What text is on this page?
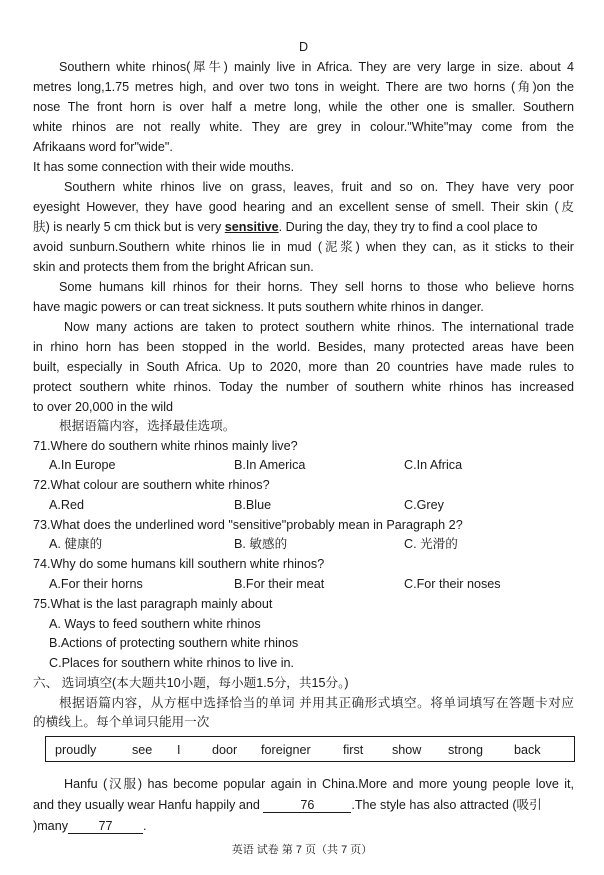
D
Southern white rhinos(犀牛) mainly live in Africa. They are very large in size. about 4
metres long,1.75 metres high, and over two tons in weight. There are two horns (角)on the
nose The front horn is over half a metre long, while the other one is smaller. Southern
white rhinos are not really white. They are grey in colour."White"may come from the
Afrikaans word for"wide".
It has some connection with their wide mouths.
Southern white rhinos live on grass, leaves, fruit and so on. They have very poor
eyesight However, they have good hearing and an excellent sense of smell. Their skin (皮
肤) is nearly 5 cm thick but is very sensitive. During the day, they try to find a cool place to
avoid sunburn.Southern white rhinos lie in mud (泥浆) when they can, as it sticks to their
skin and protects them from the bright African sun.
Some humans kill rhinos for their horns. They sell horns to those who believe horns
have magic powers or can treat sickness. It puts southern white rhinos in danger.
Now many actions are taken to protect southern white rhinos. The international trade
in rhino horn has been stopped in the world. Besides, many protected areas have been
built, especially in South Africa. Up to 2020, more than 20 countries have made rules to
protect southern white rhinos. Today the number of southern white rhinos has increased
to over 20,000 in the wild
根据语篇内容，选择最佳选项。
71.Where do southern white rhinos mainly live?
A.In Europe	B.In America	C.In Africa
72.What colour are southern white rhinos?
A.Red	B.Blue	C.Grey
73.What does the underlined word "sensitive"probably mean in Paragraph 2?
A. 健康的	B. 敏感的	C. 光滑的
74.Why do some humans kill southern white rhinos?
A.For their horns	B.For their meat	C.For their noses
75.What is the last paragraph mainly about
A. Ways to feed southern white rhinos
B.Actions of protecting southern white rhinos
C.Places for southern white rhinos to live in.
六、 选词填空(本大题共10小题，每小题1.5分，共15分。)
根据语篇内容，从方框中选择恰当的单词 并用其正确形式填空。将单词填写在答题卡对应
的横线上。每个单词只能用一次
proudly	see I	door foreigner	first show strong back
Hanfu (汉服) has become popular again in China.More and more young people love it,
and they usually wear Hanfu happily and	76	.The style has also attracted (吸引
)many 77 .
英语 试卷 第 7 页（共 7 页）
